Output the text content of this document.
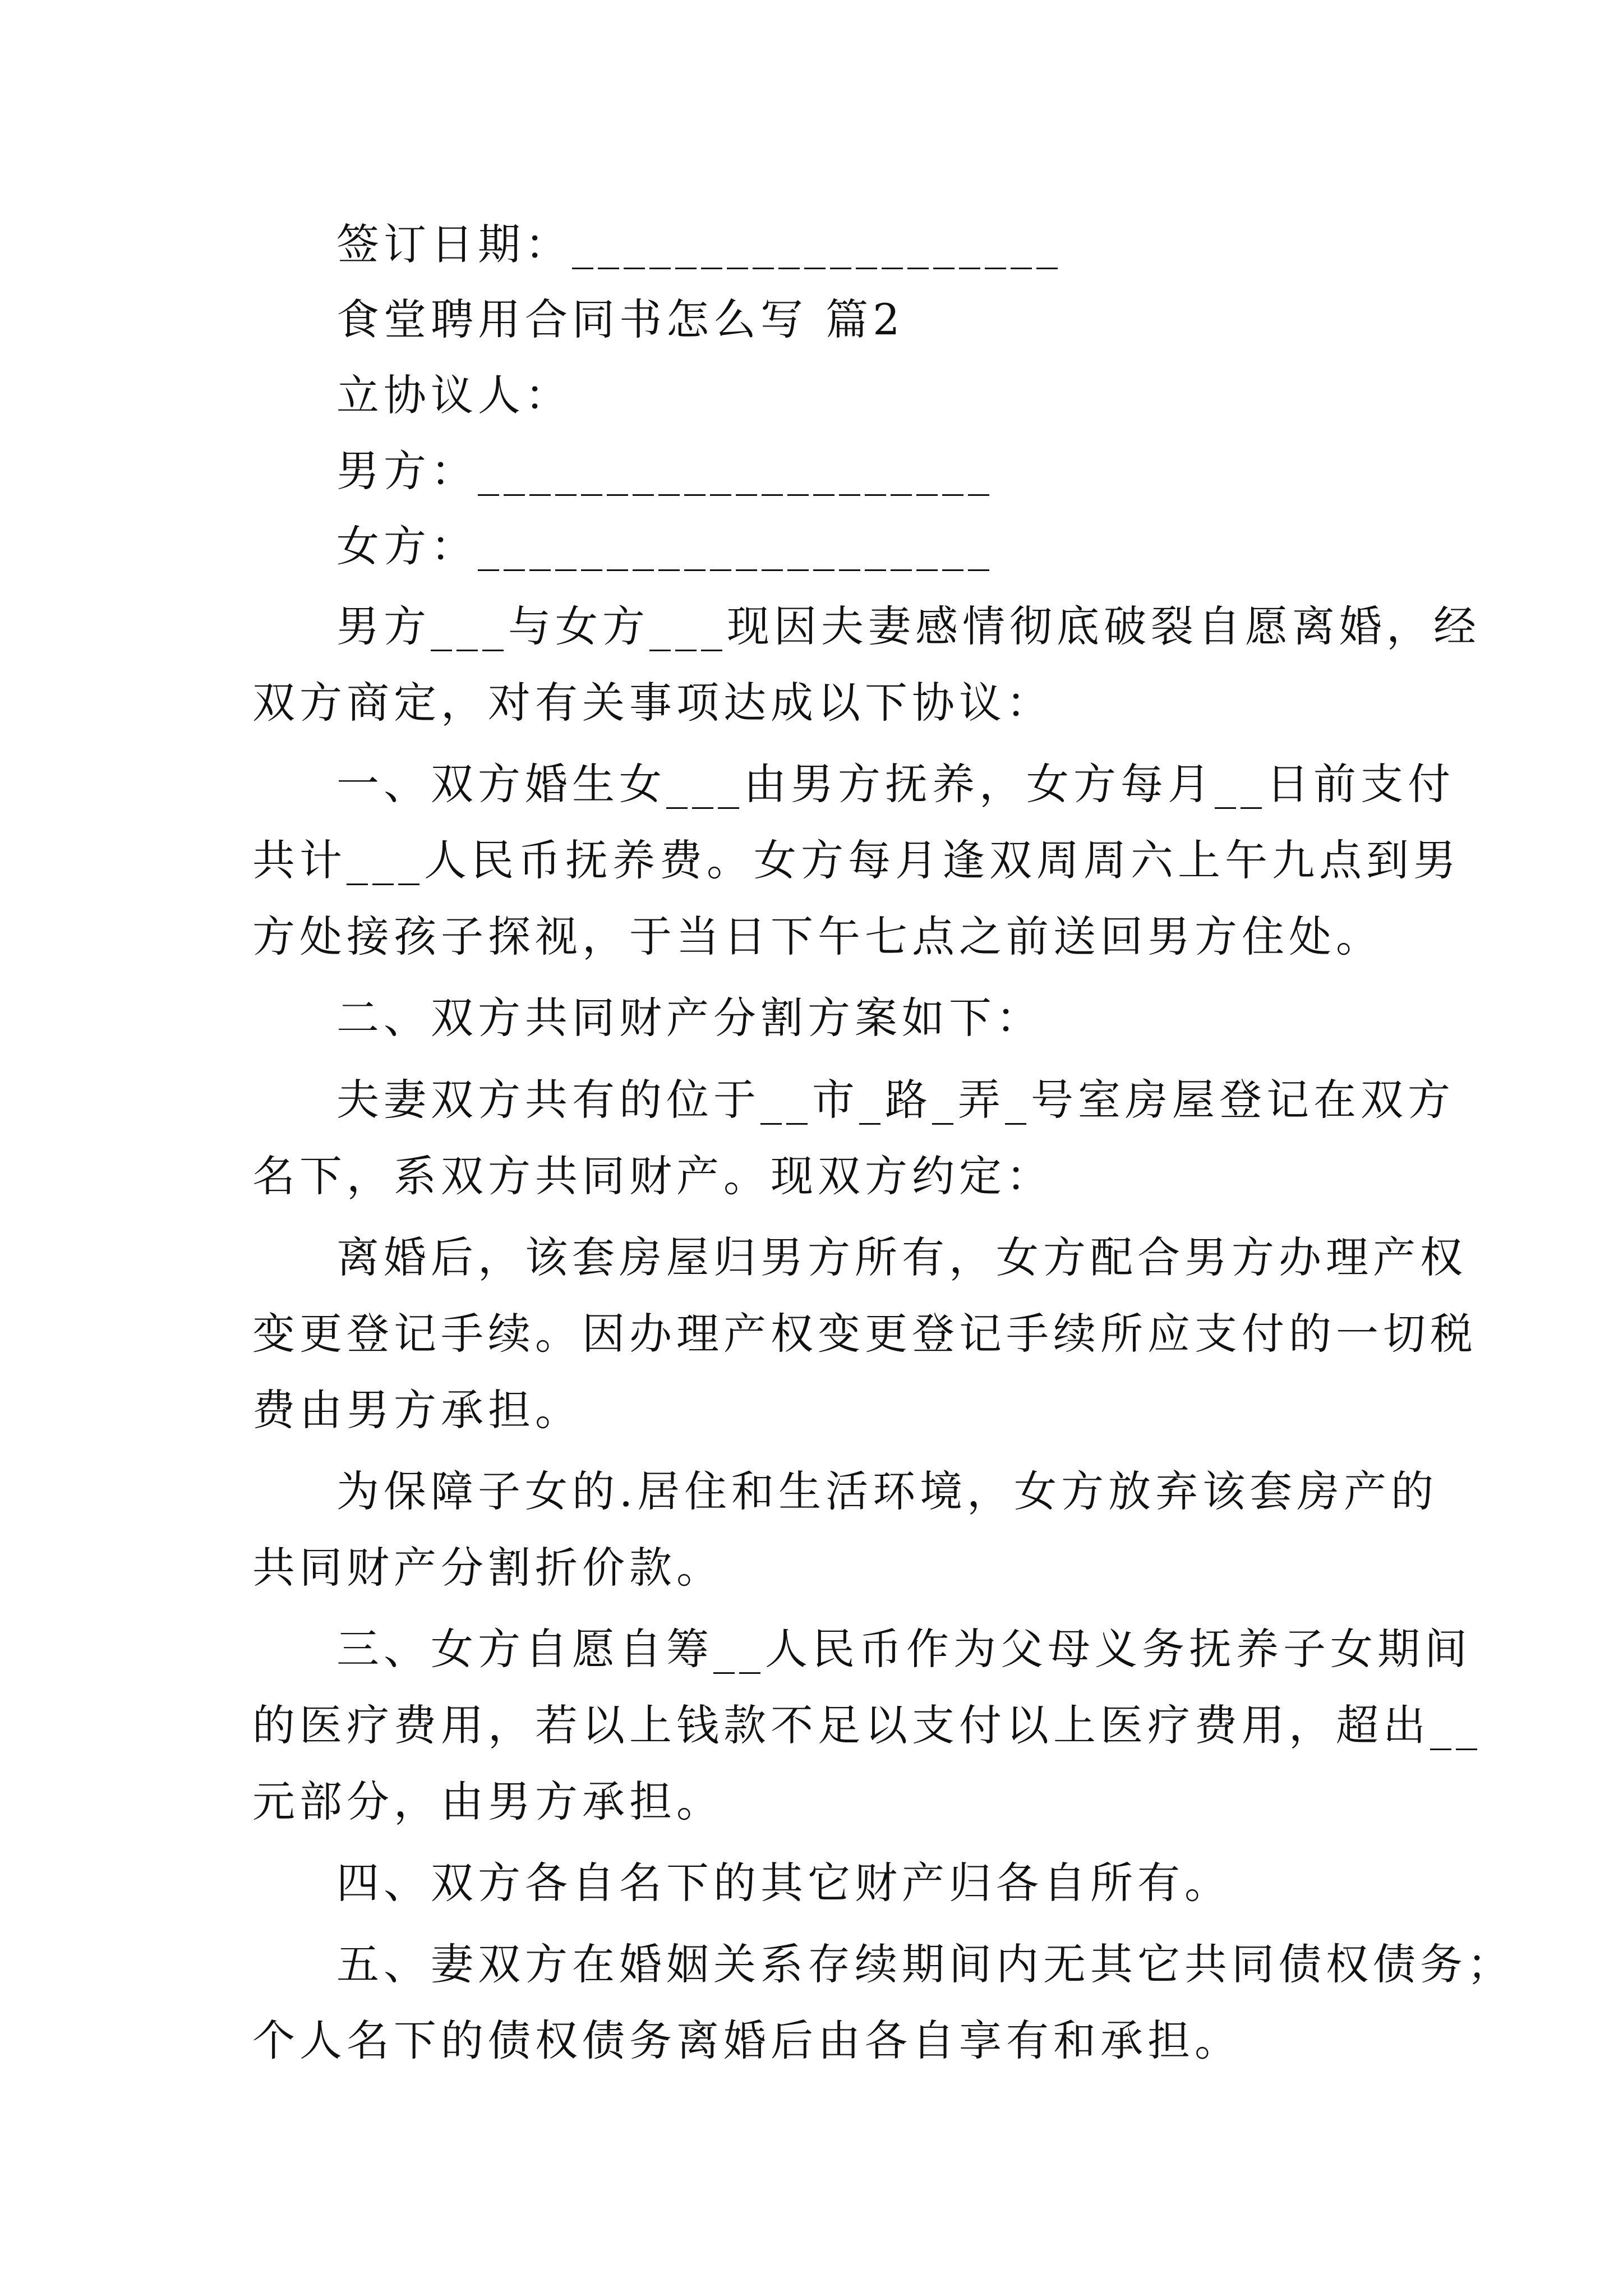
签订日期：___________________
食堂聘用合同书怎么写 篇2
立协议人：
男方：____________________
女方：____________________
男方___与女方___现因夫妻感情彻底破裂自愿离婚，经
双方商定，对有关事项达成以下协议：
一、双方婚生女___由男方抚养，女方每月__日前支付
共计___人民币抚养费。女方每月逢双周周六上午九点到男
方处接孩子探视，于当日下午七点之前送回男方住处。
二、双方共同财产分割方案如下：
夫妻双方共有的位于__市_路_弄_号室房屋登记在双方
名下，系双方共同财产。现双方约定：
离婚后，该套房屋归男方所有，女方配合男方办理产权
变更登记手续。因办理产权变更登记手续所应支付的一切税
费由男方承担。
为保障子女的.居住和生活环境，女方放弃该套房产的
共同财产分割折价款。
三、女方自愿自筹__人民币作为父母义务抚养子女期间
的医疗费用，若以上钱款不足以支付以上医疗费用，超出__
元部分，由男方承担。
四、双方各自名下的其它财产归各自所有。
五、妻双方在婚姻关系存续期间内无其它共同债权债务；
个人名下的债权债务离婚后由各自享有和承担。
